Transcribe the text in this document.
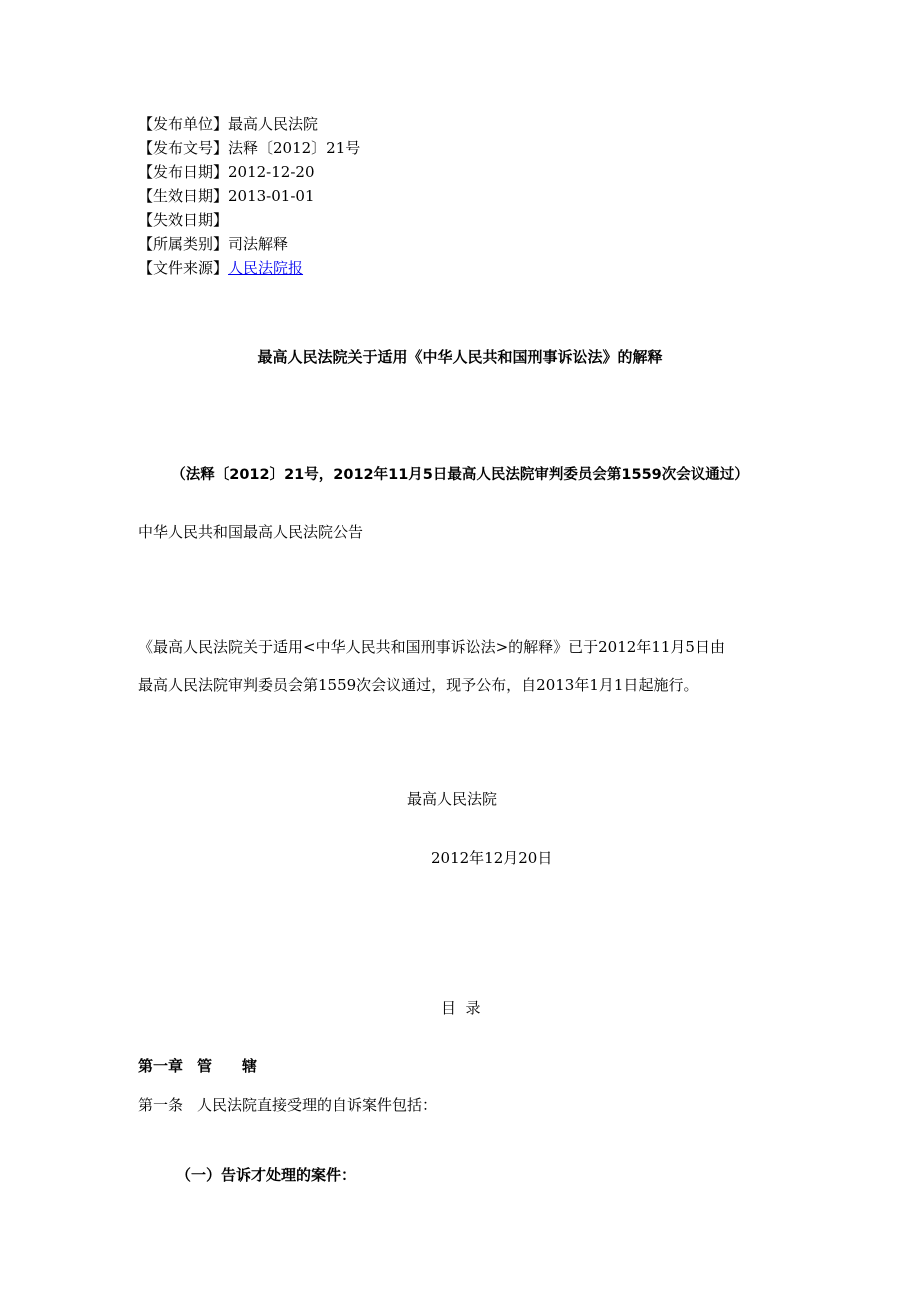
【发布单位】最高人民法院
【发布文号】法释〔2012〕21号
【发布日期】2012-12-20
【生效日期】2013-01-01
【失效日期】
【所属类别】司法解释
【文件来源】人民法院报
最高人民法院关于适用《中华人民共和国刑事诉讼法》的解释
（法释〔2012〕21号，2012年11月5日最高人民法院审判委员会第1559次会议通过）
中华人民共和国最高人民法院公告
《最高人民法院关于适用<中华人民共和国刑事诉讼法>的解释》已于2012年11月5日由
最高人民法院审判委员会第1559次会议通过，现予公布，自2013年1月1日起施行。
最高人民法院
2012年12月20日
目  录
第一章 管　　辖
第一条 人民法院直接受理的自诉案件包括：
（一）告诉才处理的案件：
